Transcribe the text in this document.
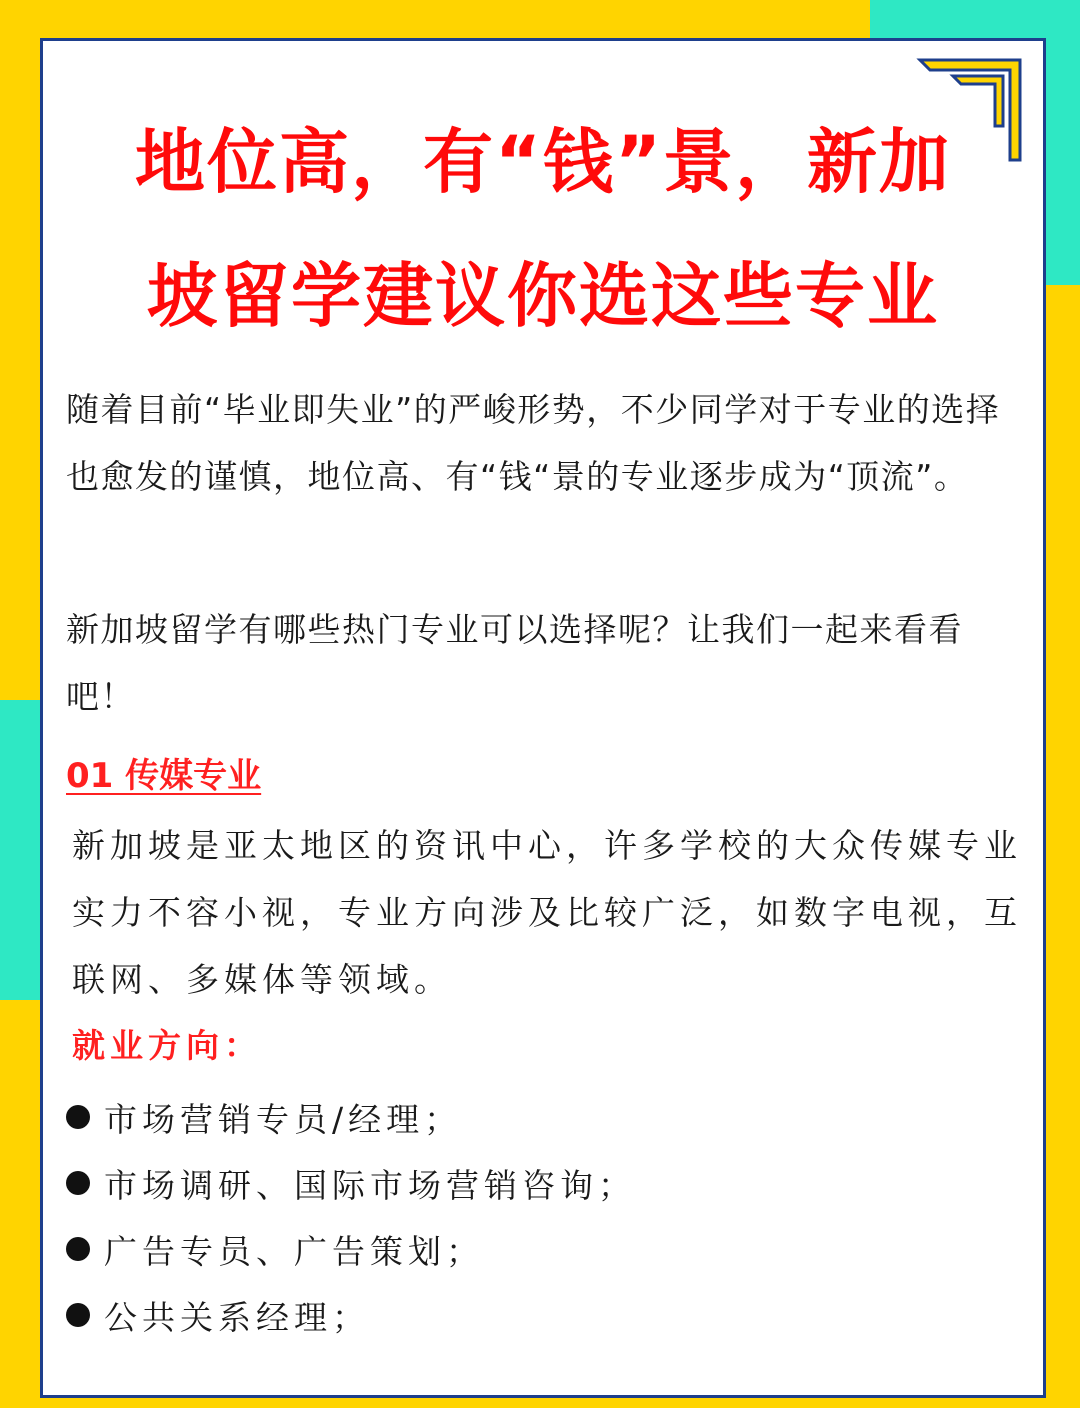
地位高，有“钱”景，新加
坡留学建议你选这些专业

随着目前“毕业即失业”的严峻形势，不少同学对于专业的选择也愈发的谨慎，地位高、有“钱“景的专业逐步成为“顶流”。

新加坡留学有哪些热门专业可以选择呢？让我们一起来看看吧！

01 传媒专业

新加坡是亚太地区的资讯中心，许多学校的大众传媒专业实力不容小视，专业方向涉及比较广泛，如数字电视，互联网、多媒体等领域。

就业方向：
市场营销专员/经理；
市场调研、国际市场营销咨询；
广告专员、广告策划；
公共关系经理；
